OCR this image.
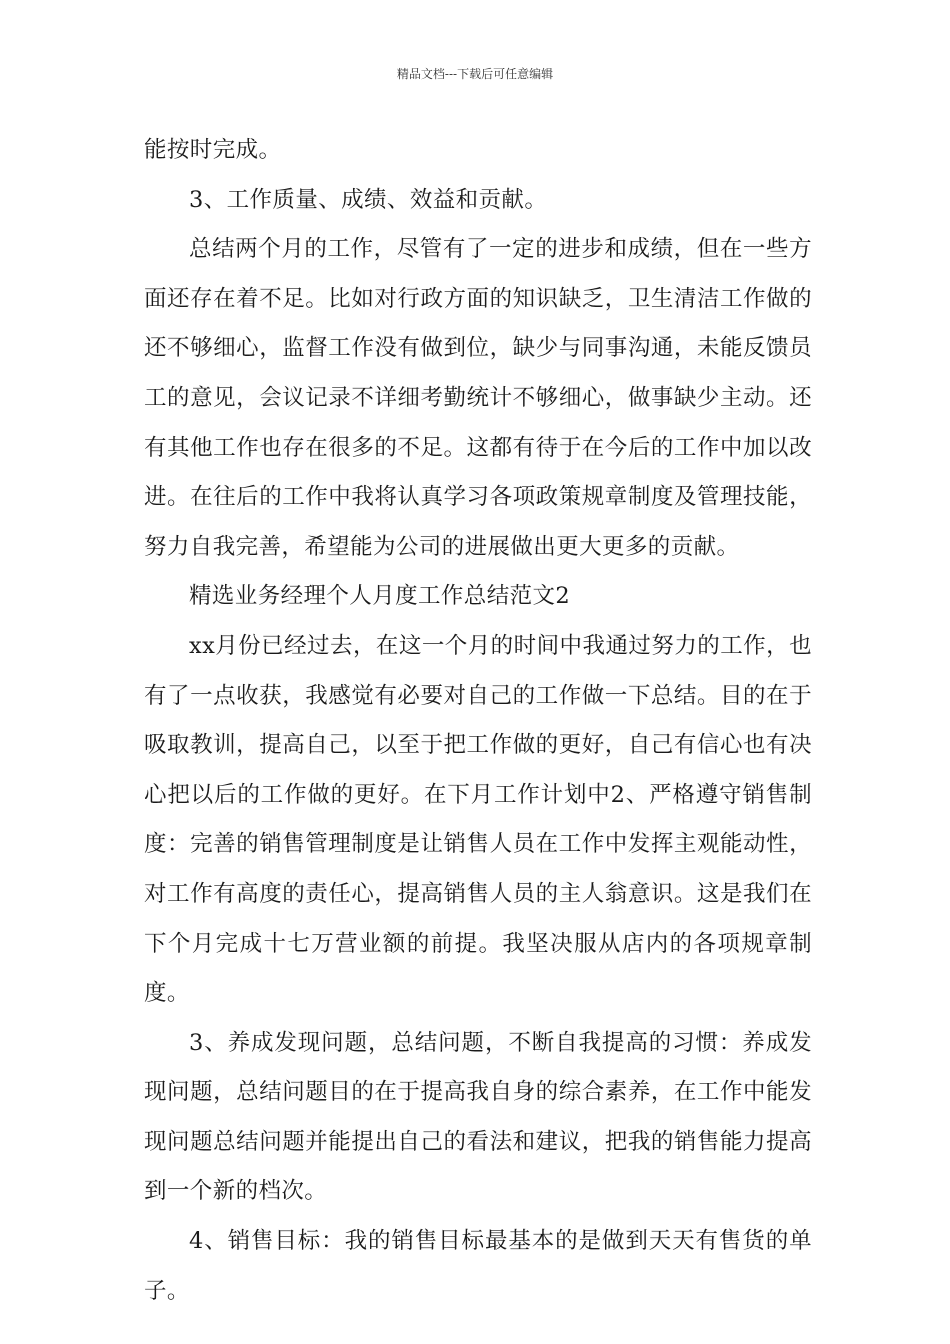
精品文档---下载后可任意编辑

能按时完成。

3、工作质量、成绩、效益和贡献。

总结两个月的工作，尽管有了一定的进步和成绩，但在一些方面还存在着不足。比如对行政方面的知识缺乏，卫生清洁工作做的还不够细心，监督工作没有做到位，缺少与同事沟通，未能反馈员工的意见，会议记录不详细考勤统计不够细心，做事缺少主动。还有其他工作也存在很多的不足。这都有待于在今后的工作中加以改进。在往后的工作中我将认真学习各项政策规章制度及管理技能，努力自我完善，希望能为公司的进展做出更大更多的贡献。

精选业务经理个人月度工作总结范文2

xx月份已经过去，在这一个月的时间中我通过努力的工作，也有了一点收获，我感觉有必要对自己的工作做一下总结。目的在于吸取教训，提高自己，以至于把工作做的更好，自己有信心也有决心把以后的工作做的更好。在下月工作计划中2、严格遵守销售制度：完善的销售管理制度是让销售人员在工作中发挥主观能动性，对工作有高度的责任心，提高销售人员的主人翁意识。这是我们在下个月完成十七万营业额的前提。我坚决服从店内的各项规章制度。

3、养成发现问题，总结问题，不断自我提高的习惯：养成发现问题，总结问题目的在于提高我自身的综合素养，在工作中能发现问题总结问题并能提出自己的看法和建议，把我的销售能力提高到一个新的档次。

4、销售目标：我的销售目标最基本的是做到天天有售货的单子。
